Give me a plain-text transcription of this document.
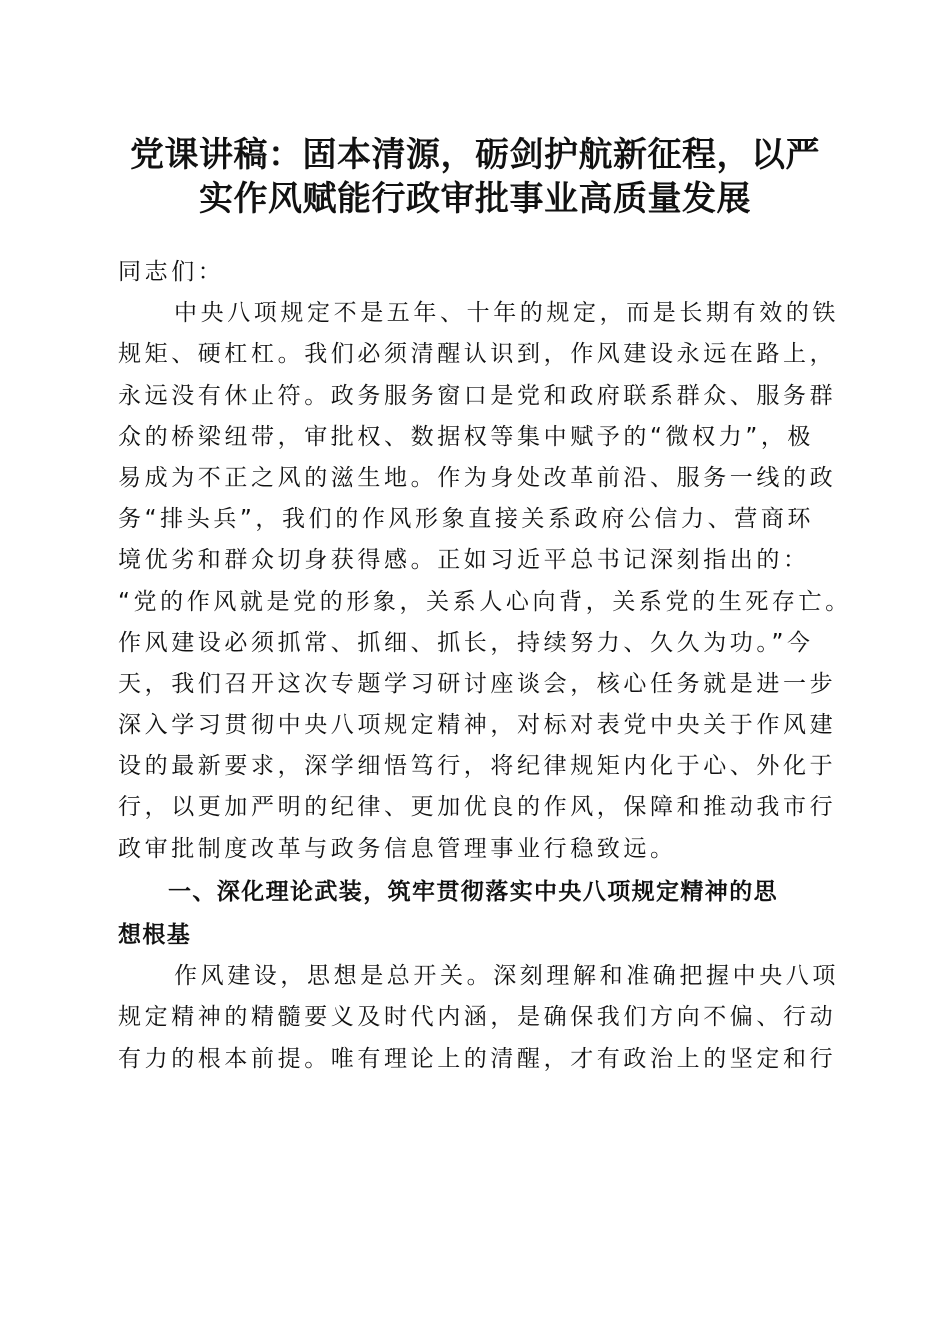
党课讲稿：固本清源，砺剑护航新征程，以严
实作风赋能行政审批事业高质量发展
同志们：
中央八项规定不是五年、十年的规定，而是长期有效的铁
规矩、硬杠杠。我们必须清醒认识到，作风建设永远在路上，
永远没有休止符。政务服务窗口是党和政府联系群众、服务群
众的桥梁纽带，审批权、数据权等集中赋予的“微权力”，极
易成为不正之风的滋生地。作为身处改革前沿、服务一线的政
务“排头兵”，我们的作风形象直接关系政府公信力、营商环
境优劣和群众切身获得感。正如习近平总书记深刻指出的：
“党的作风就是党的形象，关系人心向背，关系党的生死存亡。
作风建设必须抓常、抓细、抓长，持续努力、久久为功。”今
天，我们召开这次专题学习研讨座谈会，核心任务就是进一步
深入学习贯彻中央八项规定精神，对标对表党中央关于作风建
设的最新要求，深学细悟笃行，将纪律规矩内化于心、外化于
行，以更加严明的纪律、更加优良的作风，保障和推动我市行
政审批制度改革与政务信息管理事业行稳致远。
一、深化理论武装，筑牢贯彻落实中央八项规定精神的思
想根基
作风建设，思想是总开关。深刻理解和准确把握中央八项
规定精神的精髓要义及时代内涵，是确保我们方向不偏、行动
有力的根本前提。唯有理论上的清醒，才有政治上的坚定和行
